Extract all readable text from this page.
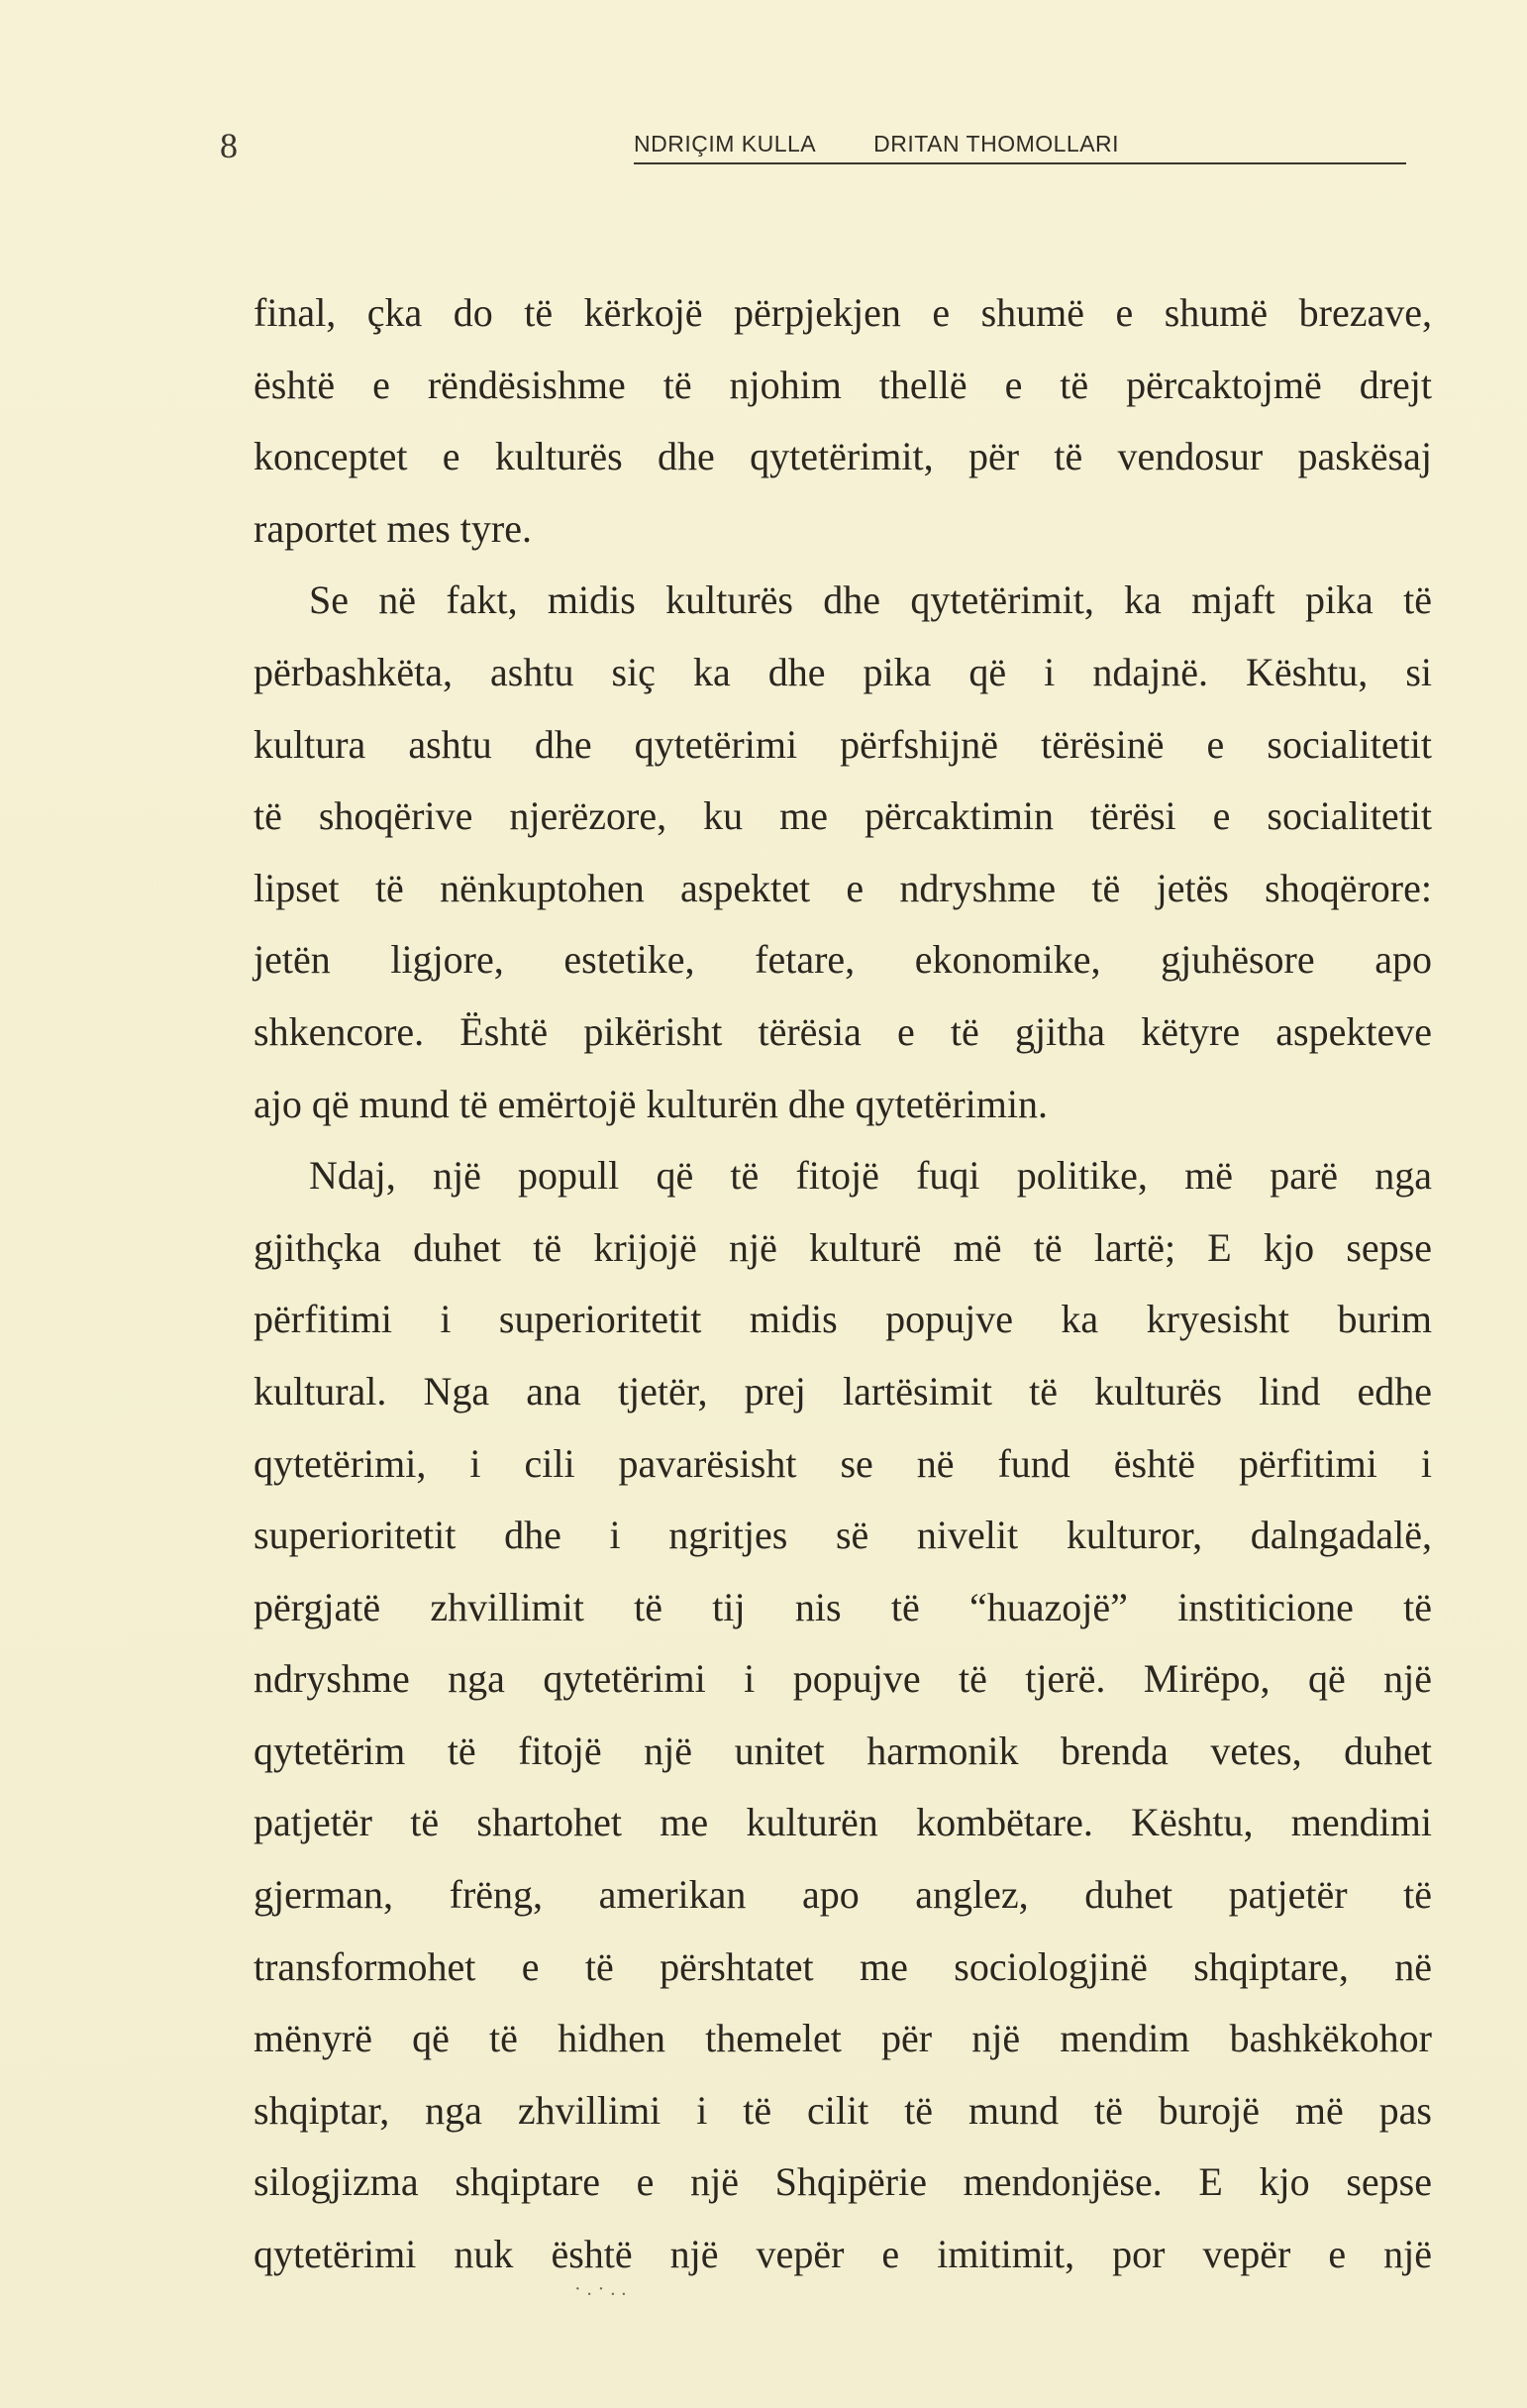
8	NDRIÇIM KULLA	DRITAN THOMOLLARI
final, çka do të kërkojë përpjekjen e shumë e shumë brezave,
është e rëndësishme të njohim thellë e të përcaktojmë drejt
konceptet e kulturës dhe qytetërimit, për të vendosur paskësaj
raportet mes tyre.
Se në fakt, midis kulturës dhe qytetërimit, ka mjaft pika të
përbashkëta, ashtu siç ka dhe pika që i ndajnë. Kështu, si
kultura ashtu dhe qytetërimi përfshijnë tërësinë e socialitetit
të shoqërive njerëzore, ku me përcaktimin tërësi e socialitetit
lipset të nënkuptohen aspektet e ndryshme të jetës shoqërore:
jetën ligjore, estetike, fetare, ekonomike, gjuhësore apo
shkencore. Është pikërisht tërësia e të gjitha këtyre aspekteve
ajo që mund të emërtojë kulturën dhe qytetërimin.
Ndaj, një popull që të fitojë fuqi politike, më parë nga
gjithçka duhet të krijojë një kulturë më të lartë; E kjo sepse
përfitimi i superioritetit midis popujve ka kryesisht burim
kultural. Nga ana tjetër, prej lartësimit të kulturës lind edhe
qytetërimi, i cili pavarësisht se në fund është përfitimi i
superioritetit dhe i ngritjes së nivelit kulturor, dalngadalë,
përgjatë zhvillimit të tij nis të “huazojë” institicione të
ndryshme nga qytetërimi i popujve të tjerë. Mirëpo, që një
qytetërim të fitojë një unitet harmonik brenda vetes, duhet
patjetër të shartohet me kulturën kombëtare. Kështu, mendimi
gjerman, frëng, amerikan apo anglez, duhet patjetër të
transformohet e të përshtatet me sociologjinë shqiptare, në
mënyrë që të hidhen themelet për një mendim bashkëkohor
shqiptar, nga zhvillimi i të cilit të mund të burojë më pas
silogjizma shqiptare e një Shqipërie mendonjëse. E kjo sepse
qytetërimi nuk është një vepër e imitimit, por vepër e një
·.·..
